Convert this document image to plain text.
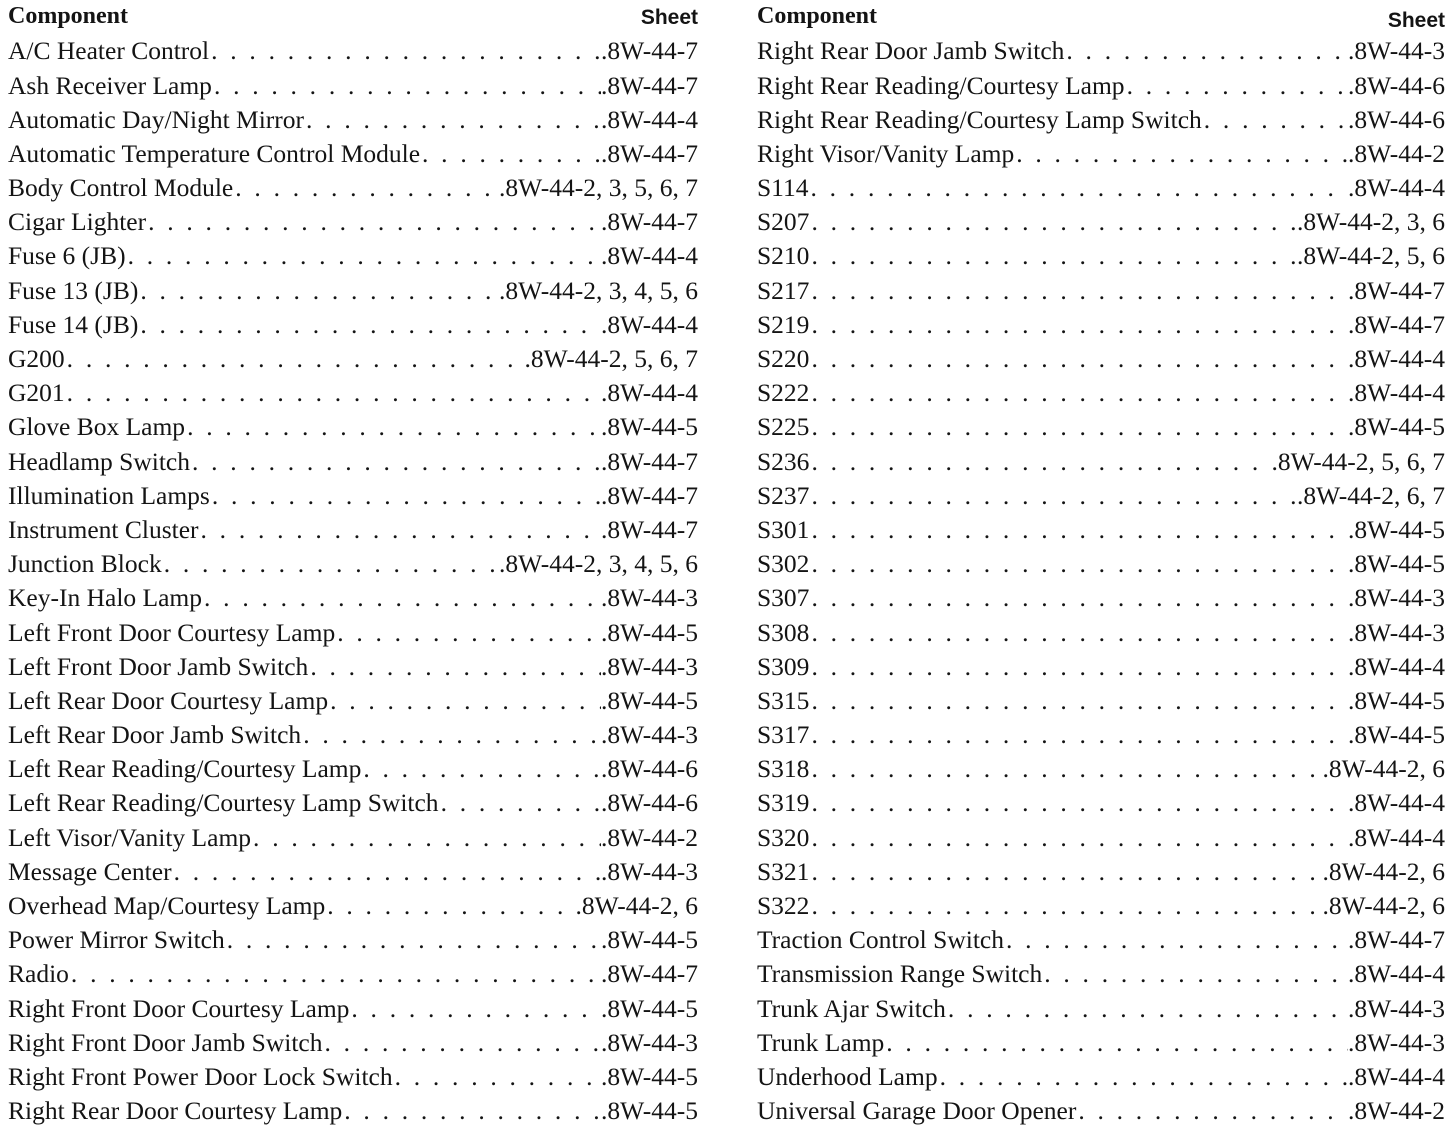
Component	Sheet
A/C Heater Control . . .	.8W-44-7
Ash Receiver Lamp . . .	.8W-44-7
Automatic Day/Night Mirror . . .	.8W-44-4
Automatic Temperature Control Module . . .	.8W-44-7
Body Control Module . . .	.8W-44-2, 3, 5, 6, 7
Cigar Lighter . . .	.8W-44-7
Fuse 6 (JB) . . .	.8W-44-4
Fuse 13 (JB) . . .	.8W-44-2, 3, 4, 5, 6
Fuse 14 (JB) . . .	.8W-44-4
G200 . . .	.8W-44-2, 5, 6, 7
G201 . . .	.8W-44-4
Glove Box Lamp . . .	.8W-44-5
Headlamp Switch . . .	.8W-44-7
Illumination Lamps . . .	.8W-44-7
Instrument Cluster . . .	.8W-44-7
Junction Block . . .	.8W-44-2, 3, 4, 5, 6
Key-In Halo Lamp . . .	.8W-44-3
Left Front Door Courtesy Lamp . . .	.8W-44-5
Left Front Door Jamb Switch . . .	.8W-44-3
Left Rear Door Courtesy Lamp . . .	.8W-44-5
Left Rear Door Jamb Switch . . .	.8W-44-3
Left Rear Reading/Courtesy Lamp . . .	.8W-44-6
Left Rear Reading/Courtesy Lamp Switch . . .	.8W-44-6
Left Visor/Vanity Lamp . . .	.8W-44-2
Message Center . . .	.8W-44-3
Overhead Map/Courtesy Lamp . . .	.8W-44-2, 6
Power Mirror Switch . . .	.8W-44-5
Radio . . .	.8W-44-7
Right Front Door Courtesy Lamp . . .	.8W-44-5
Right Front Door Jamb Switch . . .	.8W-44-3
Right Front Power Door Lock Switch . . .	.8W-44-5
Right Rear Door Courtesy Lamp . . .	.8W-44-5
Component	Sheet
Right Rear Door Jamb Switch . . .	.8W-44-3
Right Rear Reading/Courtesy Lamp . . .	.8W-44-6
Right Rear Reading/Courtesy Lamp Switch . . .	.8W-44-6
Right Visor/Vanity Lamp . . .	.8W-44-2
S114 . . .	.8W-44-4
S207 . . .	.8W-44-2, 3, 6
S210 . . .	.8W-44-2, 5, 6
S217 . . .	.8W-44-7
S219 . . .	.8W-44-7
S220 . . .	.8W-44-4
S222 . . .	.8W-44-4
S225 . . .	.8W-44-5
S236 . . .	.8W-44-2, 5, 6, 7
S237 . . .	.8W-44-2, 6, 7
S301 . . .	.8W-44-5
S302 . . .	.8W-44-5
S307 . . .	.8W-44-3
S308 . . .	.8W-44-3
S309 . . .	.8W-44-4
S315 . . .	.8W-44-5
S317 . . .	.8W-44-5
S318 . . .	.8W-44-2, 6
S319 . . .	.8W-44-4
S320 . . .	.8W-44-4
S321 . . .	.8W-44-2, 6
S322 . . .	.8W-44-2, 6
Traction Control Switch . . .	.8W-44-7
Transmission Range Switch . . .	.8W-44-4
Trunk Ajar Switch . . .	.8W-44-3
Trunk Lamp . . .	.8W-44-3
Underhood Lamp . . .	.8W-44-4
Universal Garage Door Opener . . .	.8W-44-2
